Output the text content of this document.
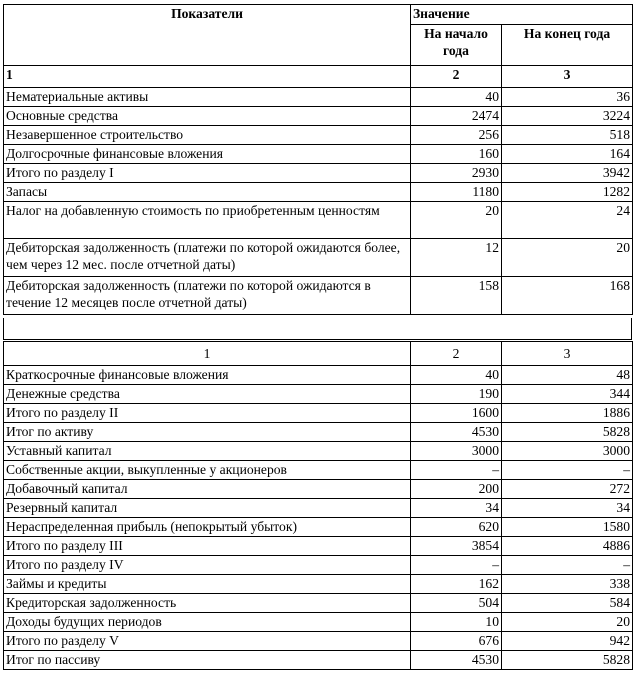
Показатели	Значение	
	На начало года	На конец года
1	2	3
Нематериальные активы	40	36
Основные средства	2474	3224
Незавершенное строительство	256	518
Долгосрочные финансовые вложения	160	164
Итого по разделу I	2930	3942
Запасы	1180	1282
Налог на добавленную стоимость по приобретенным ценностям	20	24
Дебиторская задолженность (платежи по которой ожидаются более, чем через 12 мес. после отчетной даты)	12	20
Дебиторская задолженность (платежи по которой ожидаются в течение 12 месяцев после отчетной даты)	158	168
1	2	3
Краткосрочные финансовые вложения	40	48
Денежные средства	190	344
Итого по разделу II	1600	1886
Итог по активу	4530	5828
Уставный капитал	3000	3000
Собственные акции, выкупленные у акционеров	–	–
Добавочный капитал	200	272
Резервный капитал	34	34
Нераспределенная прибыль (непокрытый убыток)	620	1580
Итого по разделу III	3854	4886
Итого по разделу IV	–	–
Займы и кредиты	162	338
Кредиторская задолженность	504	584
Доходы будущих периодов	10	20
Итого по разделу V	676	942
Итог по пассиву	4530	5828
